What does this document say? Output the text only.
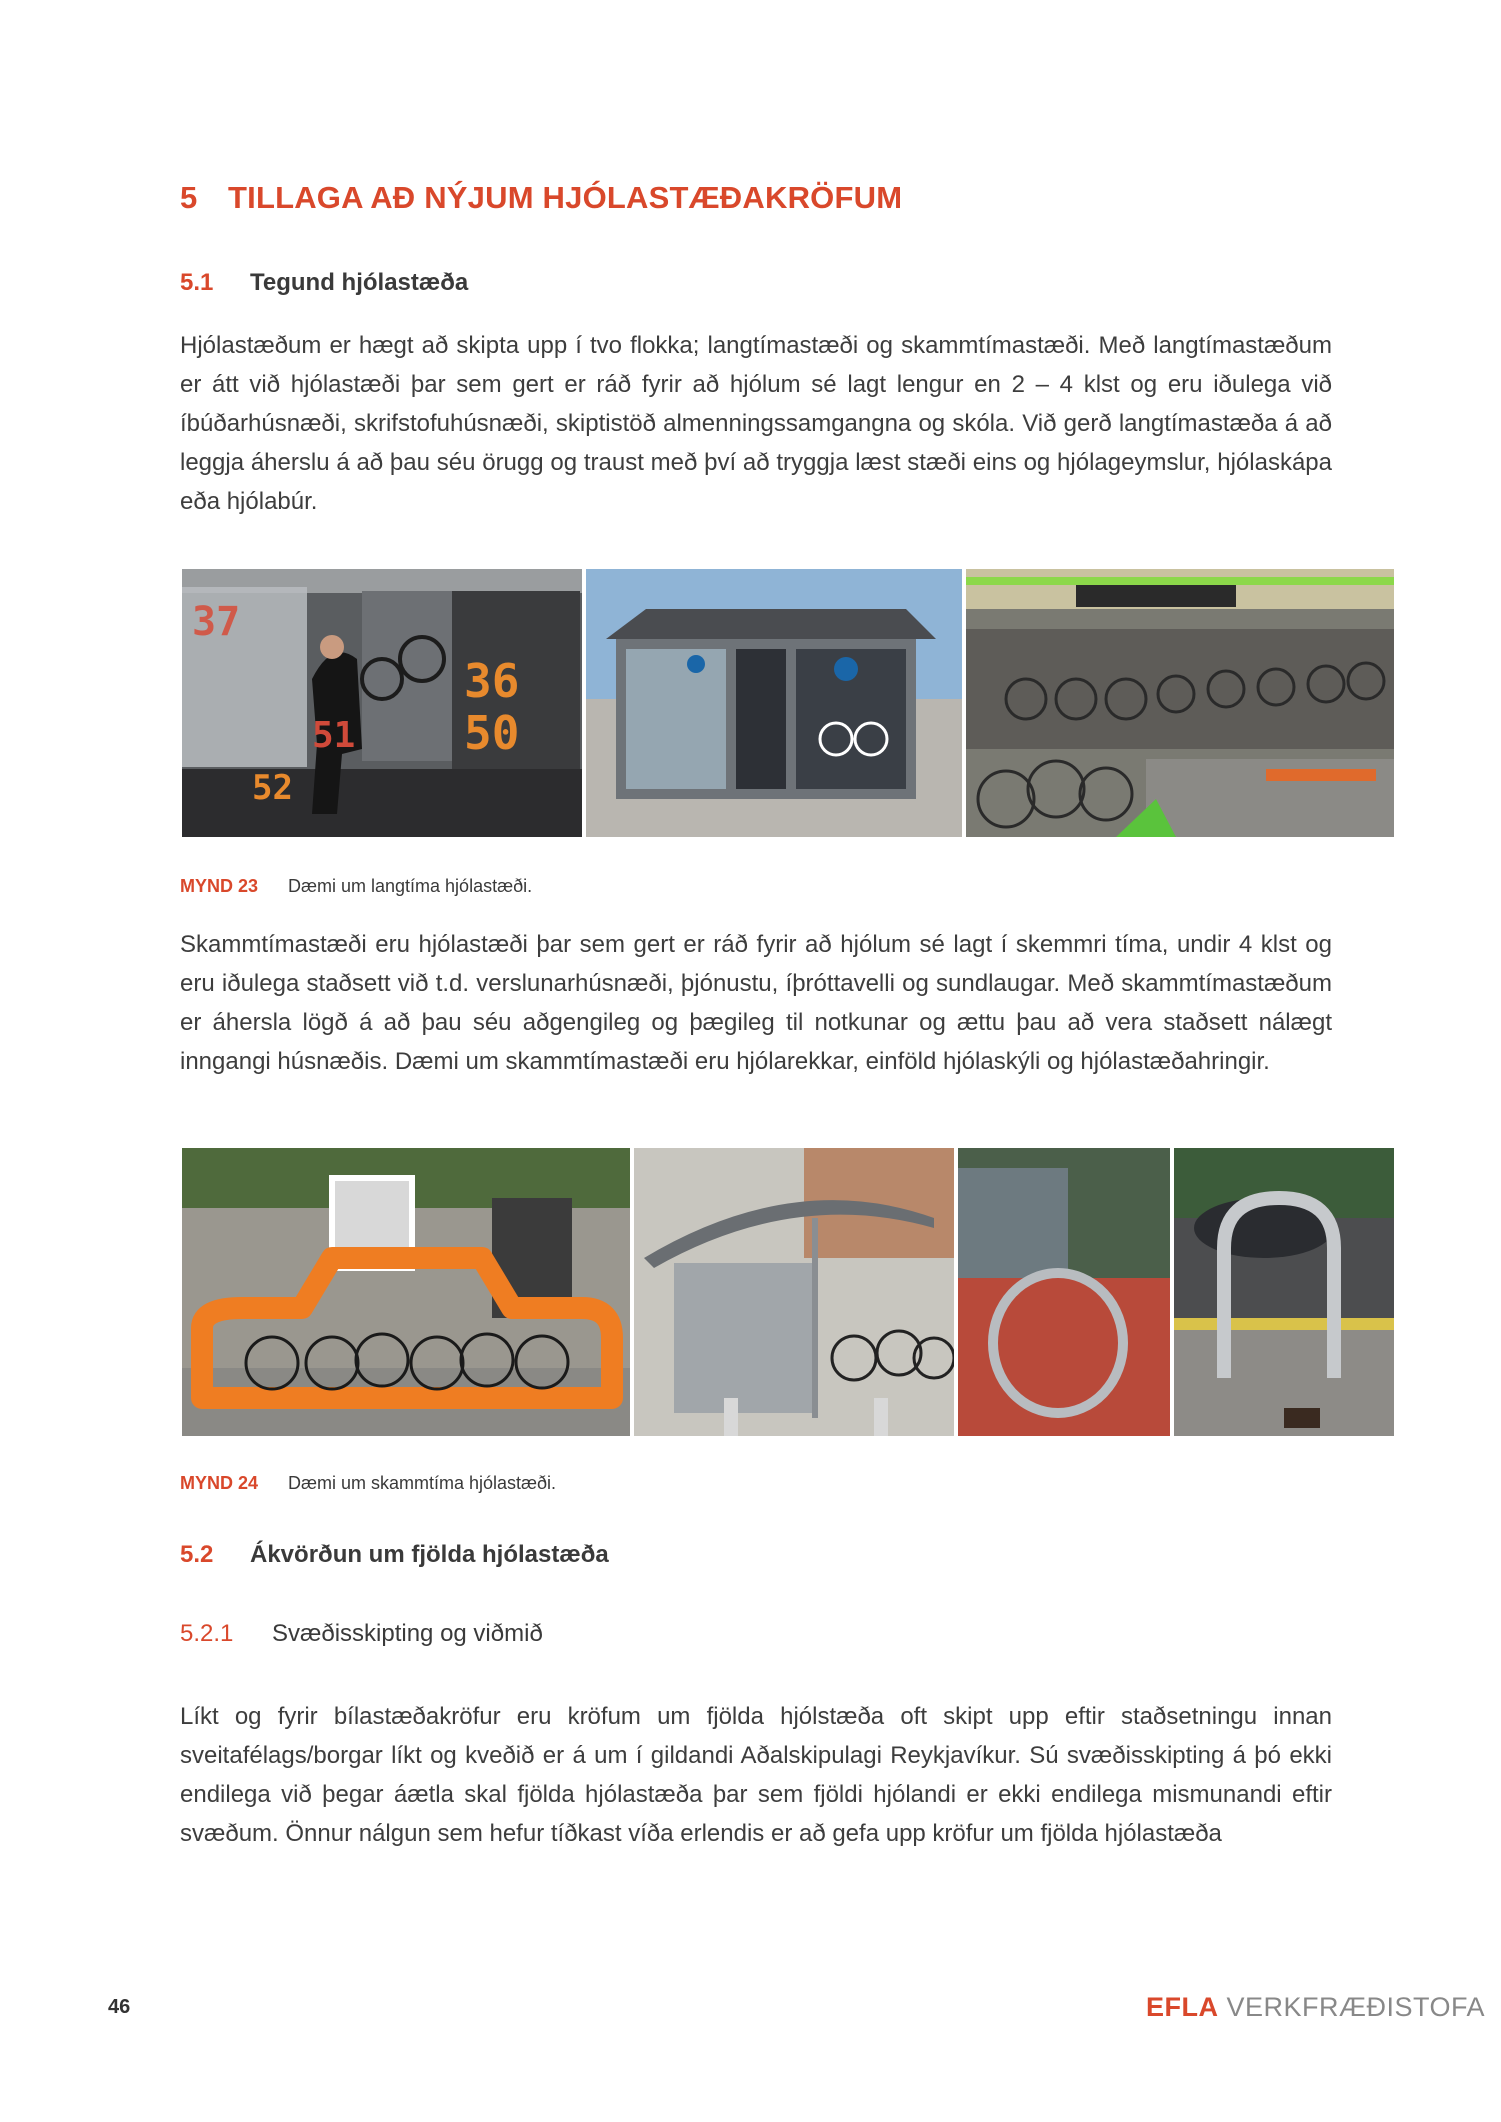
5 TILLAGA AÐ NÝJUM HJÓLASTÆÐAKRÖFUM
5.1 Tegund hjólastæða

Hjólastæðum er hægt að skipta upp í tvo flokka; langtímastæði og skammtímastæði. Með langtímastæðum er átt við hjólastæði þar sem gert er ráð fyrir að hjólum sé lagt lengur en 2 – 4 klst og eru iðulega við íbúðarhúsnæði, skrifstofuhúsnæði, skiptistöð almenningssamgangna og skóla. Við gerð langtímastæða á að leggja áherslu á að þau séu örugg og traust með því að tryggja læst stæði eins og hjólageymslur, hjólaskápa eða hjólabúr.

36
50
37
51
52
MYND 23 Dæmi um langtíma hjólastæði.

Skammtímastæði eru hjólastæði þar sem gert er ráð fyrir að hjólum sé lagt í skemmri tíma, undir 4 klst og eru iðulega staðsett við t.d. verslunarhúsnæði, þjónustu, íþróttavelli og sundlaugar. Með skammtímastæðum er áhersla lögð á að þau séu aðgengileg og þægileg til notkunar og ættu þau að vera staðsett nálægt inngangi húsnæðis. Dæmi um skammtímastæði eru hjólarekkar, einföld hjólaskýli og hjólastæðahringir.

MYND 24 Dæmi um skammtíma hjólastæði.
5.2 Ákvörðun um fjölda hjólastæða
5.2.1 Svæðisskipting og viðmið

Líkt og fyrir bílastæðakröfur eru kröfum um fjölda hjólstæða oft skipt upp eftir staðsetningu innan sveitafélags/borgar líkt og kveðið er á um í gildandi Aðalskipulagi Reykjavíkur. Sú svæðisskipting á þó ekki endilega við þegar áætla skal fjölda hjólastæða þar sem fjöldi hjólandi er ekki endilega mismunandi eftir svæðum. Önnur nálgun sem hefur tíðkast víða erlendis er að gefa upp kröfur um fjölda hjólastæða

46	EFLA VERKFRÆÐISTOFA
